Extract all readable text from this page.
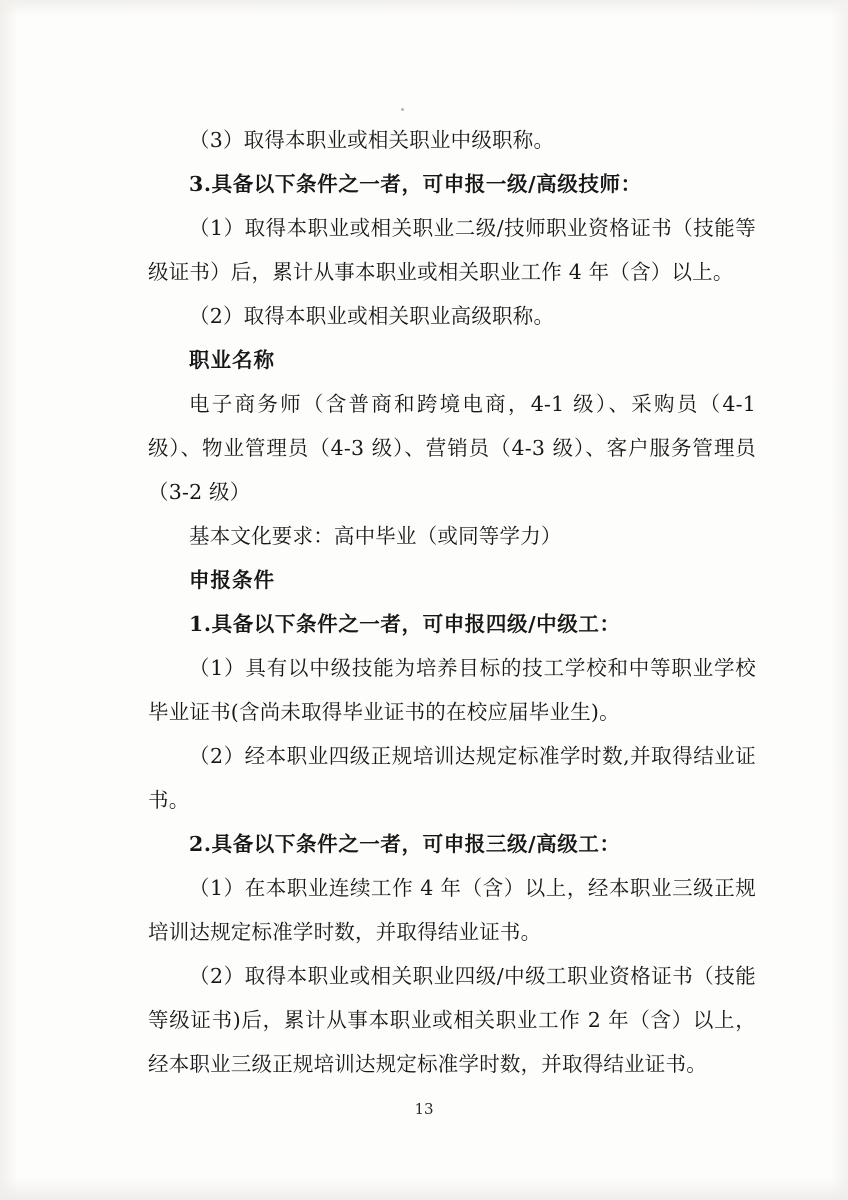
（3）取得本职业或相关职业中级职称。

3.具备以下条件之一者，可申报一级/高级技师：

（1）取得本职业或相关职业二级/技师职业资格证书（技能等级证书）后，累计从事本职业或相关职业工作 4 年（含）以上。

（2）取得本职业或相关职业高级职称。

职业名称

电子商务师（含普商和跨境电商，4-1 级）、采购员（4-1 级）、物业管理员（4-3 级）、营销员（4-3 级）、客户服务管理员（3-2 级）

基本文化要求：高中毕业（或同等学力）

申报条件

1.具备以下条件之一者，可申报四级/中级工：

（1）具有以中级技能为培养目标的技工学校和中等职业学校毕业证书(含尚未取得毕业证书的在校应届毕业生)。

（2）经本职业四级正规培训达规定标准学时数,并取得结业证书。

2.具备以下条件之一者，可申报三级/高级工：

（1）在本职业连续工作 4 年（含）以上，经本职业三级正规培训达规定标准学时数，并取得结业证书。

（2）取得本职业或相关职业四级/中级工职业资格证书（技能等级证书)后，累计从事本职业或相关职业工作 2 年（含）以上，经本职业三级正规培训达规定标准学时数，并取得结业证书。

13
